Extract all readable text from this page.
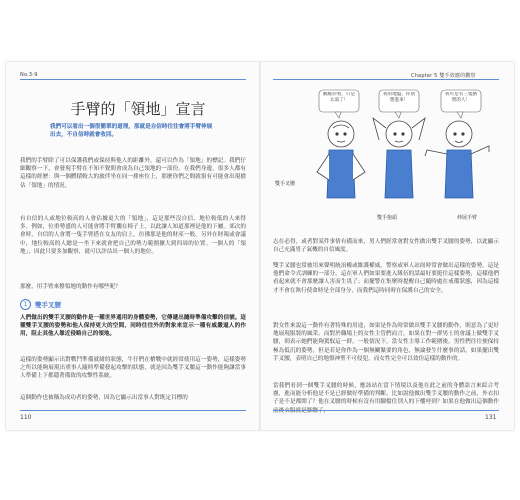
No.3-9
手臂的「領地」宣言
我們可以看出一個很簡單的道理，那就是自信時往往會將手臂伸展出去，不自信時就會收回。
我們的手臂除了可以保護我們或保持與他人的距離外，還可以作為「領地」的標記。我們仔細觀察一下，會發現手臂在不知不覺間會成為自己領地的一部份。在我們身邊，很多人都有這樣的經歷：與一個體積較大的旅伴坐在同一排座位上，那麼你們之間就很有可能會出現搶佔「領地」的情況。
有自信的人或地位較高的人會佔據更大的「領地」，這是那些沒自信、地位較低的人來得多。例如，位重勢盛的人可能會將手臂擱在椅子上，以此讓人知道那裡是他的下屬。郊次的會時，自信的人會將一隻手臂搭在女友的肩上，彷彿那是他的財產一般。另外在財報或會議中，地位較高的人總是一坐下來就會把自己的勢力範圍擴大到四周的位置。一個人的「領地」，因此只要多加觀察，就可以評估出一個人的地位。
那麼，用手臂來撐領地的動作有哪些呢？
1	雙手叉腰
人們做出的雙手叉腰的動作是一種世界通用的身體姿勢，它傳遞出隨時準備攻擊的信號。這種雙手叉腰的姿勢和他人保持更大的空間，同時往往外的對象來宣示一種有威嚴逼人的作用，阻止其他人靠近侵略自己的領地。
這樣的姿勢顯示出對戰鬥準備就緒的狀態，牛仔們在槍戰中就經常使用這一姿勢，這樣姿勢之所以能夠展現出重事人隨時準備發起攻擊的狀態，就是因為雙手叉腰這一動作能夠讓當事人準備上下都隱著備致的攻擊性系統。
這個動作也被稱為成功者的姿勢，因為它顯示出當事人對既定目標的
110
Chapter 5 雙手效應的觀察
瞧瞧你看，只是太弱了！
我的地盤，你別想進來！
我可是有三隻胳臂的人！
雙手叉腰
雙手抱頭	伸展手臂
志在必得，或者對某件事情有備而來，男人們經常會對女性做出雙手叉腰的姿勢，以此顯示自己充滿男子氣概的自信風度。
雙手叉腰也常被用來聲明統治權或維護權威。警察或軍人站崗時常會做出這樣的姿勢，這是他們命令式訓練的一部分，這在軍人們如果要進入隊伍的話最好要挺住這樣姿勢，這樣他們看起來就不會那麼讓人害而生畏了；而擺警在集聚時提醒自己隨時處在戒備狀態，因為這樣才不會在執行使命時是全部身分，而我們這時同時在保護自己的安全。
對女性來說這一動作有著特殊的用途，如果是作為時常做出雙手叉腰的動作，則意為了更好地展現服裝的風采。而對於職場上的女性主管們而言，如果在對一群男士的會議上做雙手叉腰，則表示她們能夠駕馭這一群。一般情況下，當女性主導工作範圍後，男性們往往便保持極為低沉的姿勢，但是若是你作為一個無關緊要的角色，無論發生什麼事的話，如果擺出雙手叉腰，表明自己的地盤神聖不可侵犯，而女性完全可以效仿這樣的動作的。
當我們看到一個雙手叉腰的時候，應該站在當下情境以及他在此之前的身體語言來綜合考慮，進而能分析他是不是已經做好準備的判斷。比如說他做出雙手叉腰的動作之前，外衣扣子是不是都開了？他在叉腰的時候有沒有用腳擋住別人的下樓呼到？如果在他做出這個動作
131
